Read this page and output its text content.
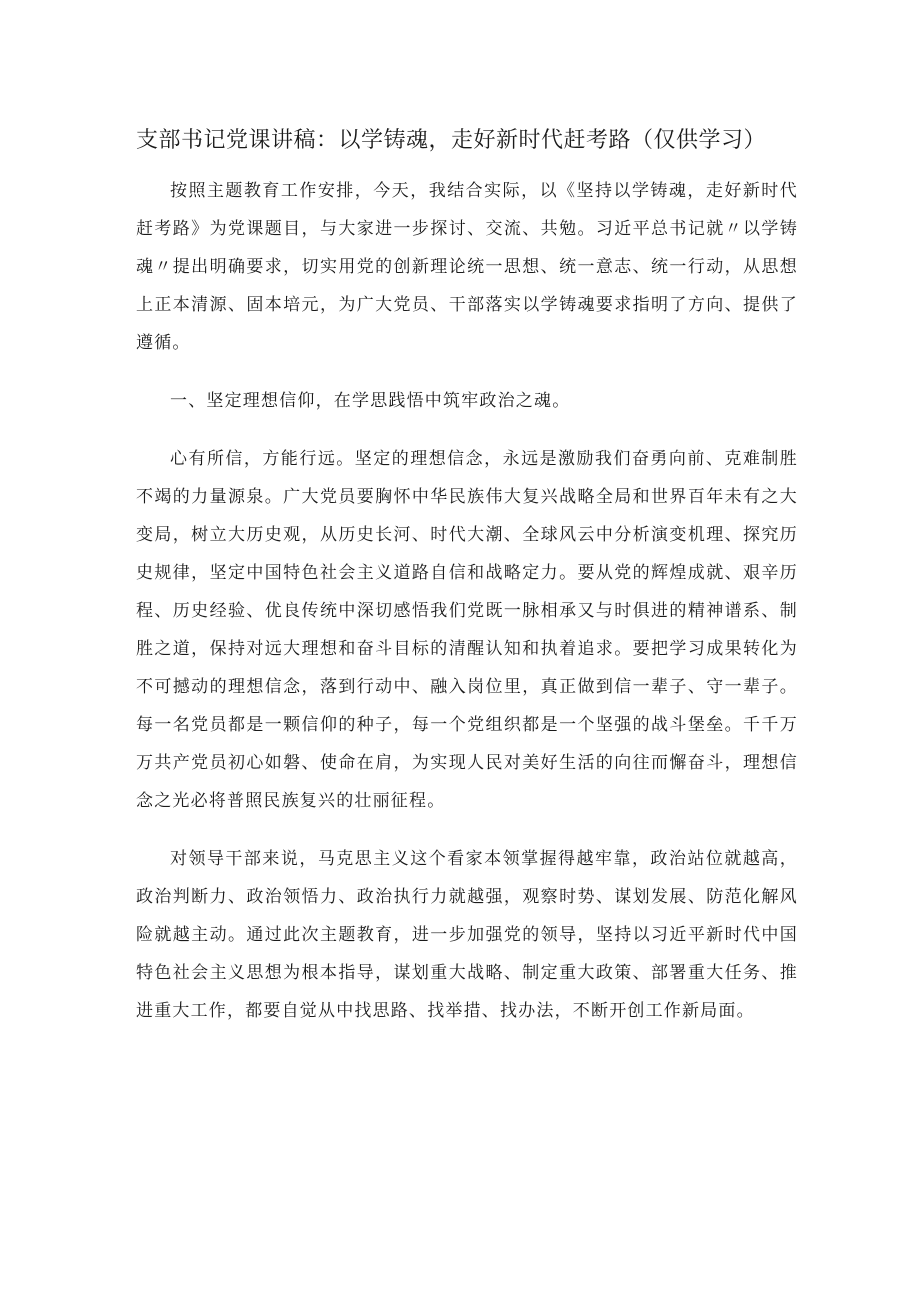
支部书记党课讲稿：以学铸魂，走好新时代赶考路（仅供学习）

按照主题教育工作安排，今天，我结合实际，以《坚持以学铸魂，走好新时代赶考路》为党课题目，与大家进一步探讨、交流、共勉。习近平总书记就〃以学铸魂〃提出明确要求，切实用党的创新理论统一思想、统一意志、统一行动，从思想上正本清源、固本培元，为广大党员、干部落实以学铸魂要求指明了方向、提供了遵循。

一、坚定理想信仰，在学思践悟中筑牢政治之魂。

心有所信，方能行远。坚定的理想信念，永远是激励我们奋勇向前、克难制胜不竭的力量源泉。广大党员要胸怀中华民族伟大复兴战略全局和世界百年未有之大变局，树立大历史观，从历史长河、时代大潮、全球风云中分析演变机理、探究历史规律，坚定中国特色社会主义道路自信和战略定力。要从党的辉煌成就、艰辛历程、历史经验、优良传统中深切感悟我们党既一脉相承又与时俱进的精神谱系、制胜之道，保持对远大理想和奋斗目标的清醒认知和执着追求。要把学习成果转化为不可撼动的理想信念，落到行动中、融入岗位里，真正做到信一辈子、守一辈子。每一名党员都是一颗信仰的种子，每一个党组织都是一个坚强的战斗堡垒。千千万万共产党员初心如磐、使命在肩，为实现人民对美好生活的向往而懈奋斗，理想信念之光必将普照民族复兴的壮丽征程。

对领导干部来说，马克思主义这个看家本领掌握得越牢靠，政治站位就越高，政治判断力、政治领悟力、政治执行力就越强，观察时势、谋划发展、防范化解风险就越主动。通过此次主题教育，进一步加强党的领导，坚持以习近平新时代中国特色社会主义思想为根本指导，谋划重大战略、制定重大政策、部署重大任务、推进重大工作，都要自觉从中找思路、找举措、找办法，不断开创工作新局面。
